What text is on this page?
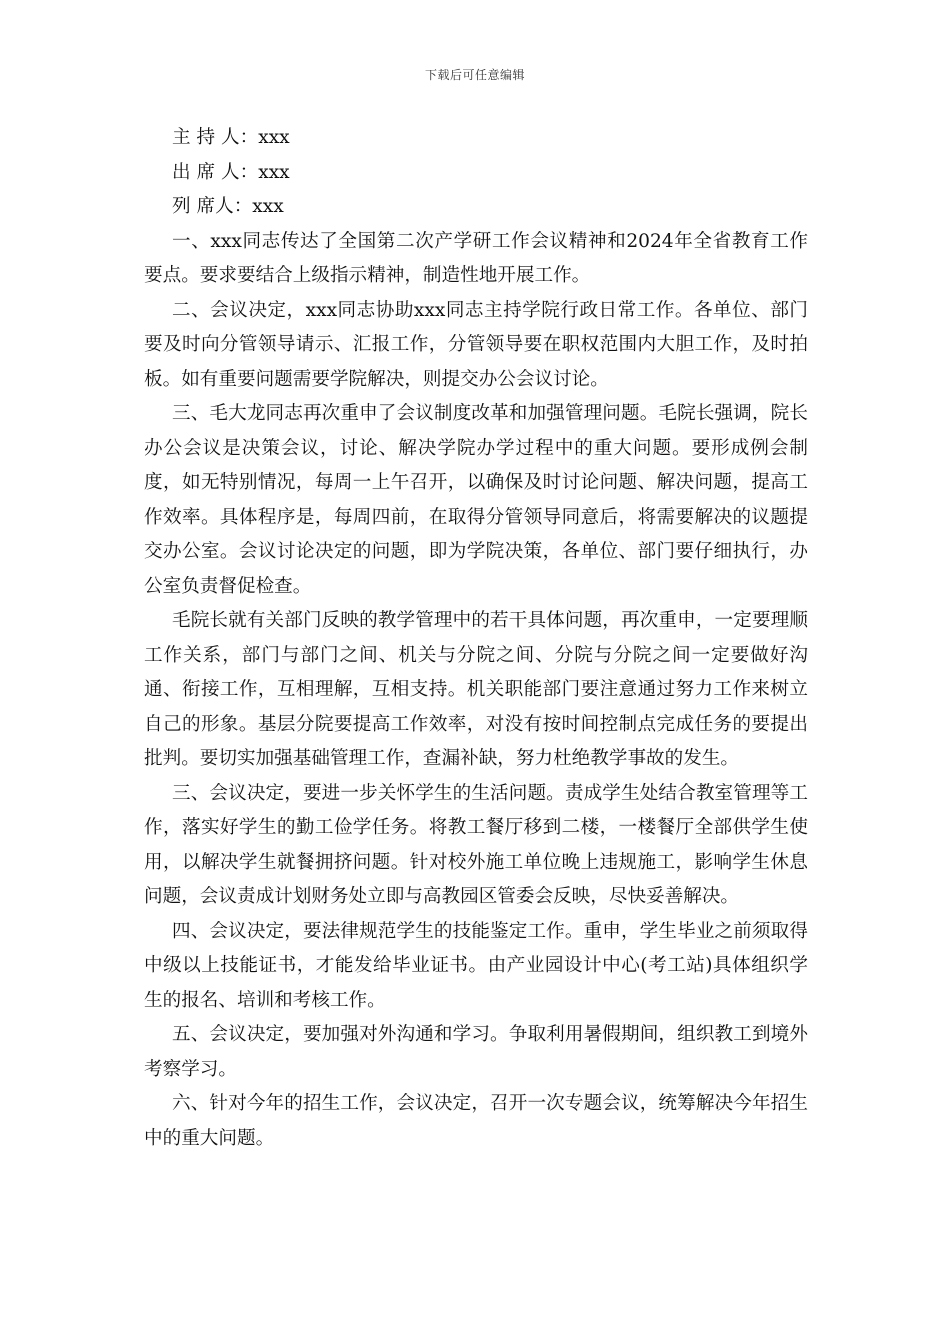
下载后可任意编辑

主 持 人：xxx

出 席 人：xxx

列 席人：xxx

一、xxx同志传达了全国第二次产学研工作会议精神和2024年全省教育工作要点。要求要结合上级指示精神，制造性地开展工作。

二、会议决定，xxx同志协助xxx同志主持学院行政日常工作。各单位、部门要及时向分管领导请示、汇报工作，分管领导要在职权范围内大胆工作，及时拍板。如有重要问题需要学院解决，则提交办公会议讨论。

三、毛大龙同志再次重申了会议制度改革和加强管理问题。毛院长强调，院长办公会议是决策会议，讨论、解决学院办学过程中的重大问题。要形成例会制度，如无特别情况，每周一上午召开，以确保及时讨论问题、解决问题，提高工作效率。具体程序是，每周四前，在取得分管领导同意后，将需要解决的议题提交办公室。会议讨论决定的问题，即为学院决策，各单位、部门要仔细执行，办公室负责督促检查。

毛院长就有关部门反映的教学管理中的若干具体问题，再次重申，一定要理顺工作关系，部门与部门之间、机关与分院之间、分院与分院之间一定要做好沟通、衔接工作，互相理解，互相支持。机关职能部门要注意通过努力工作来树立自己的形象。基层分院要提高工作效率，对没有按时间控制点完成任务的要提出批判。要切实加强基础管理工作，查漏补缺，努力杜绝教学事故的发生。

三、会议决定，要进一步关怀学生的生活问题。责成学生处结合教室管理等工作，落实好学生的勤工俭学任务。将教工餐厅移到二楼，一楼餐厅全部供学生使用，以解决学生就餐拥挤问题。针对校外施工单位晚上违规施工，影响学生休息问题，会议责成计划财务处立即与高教园区管委会反映，尽快妥善解决。

四、会议决定，要法律规范学生的技能鉴定工作。重申，学生毕业之前须取得中级以上技能证书，才能发给毕业证书。由产业园设计中心(考工站)具体组织学生的报名、培训和考核工作。

五、会议决定，要加强对外沟通和学习。争取利用暑假期间，组织教工到境外考察学习。

六、针对今年的招生工作，会议决定，召开一次专题会议，统筹解决今年招生中的重大问题。
